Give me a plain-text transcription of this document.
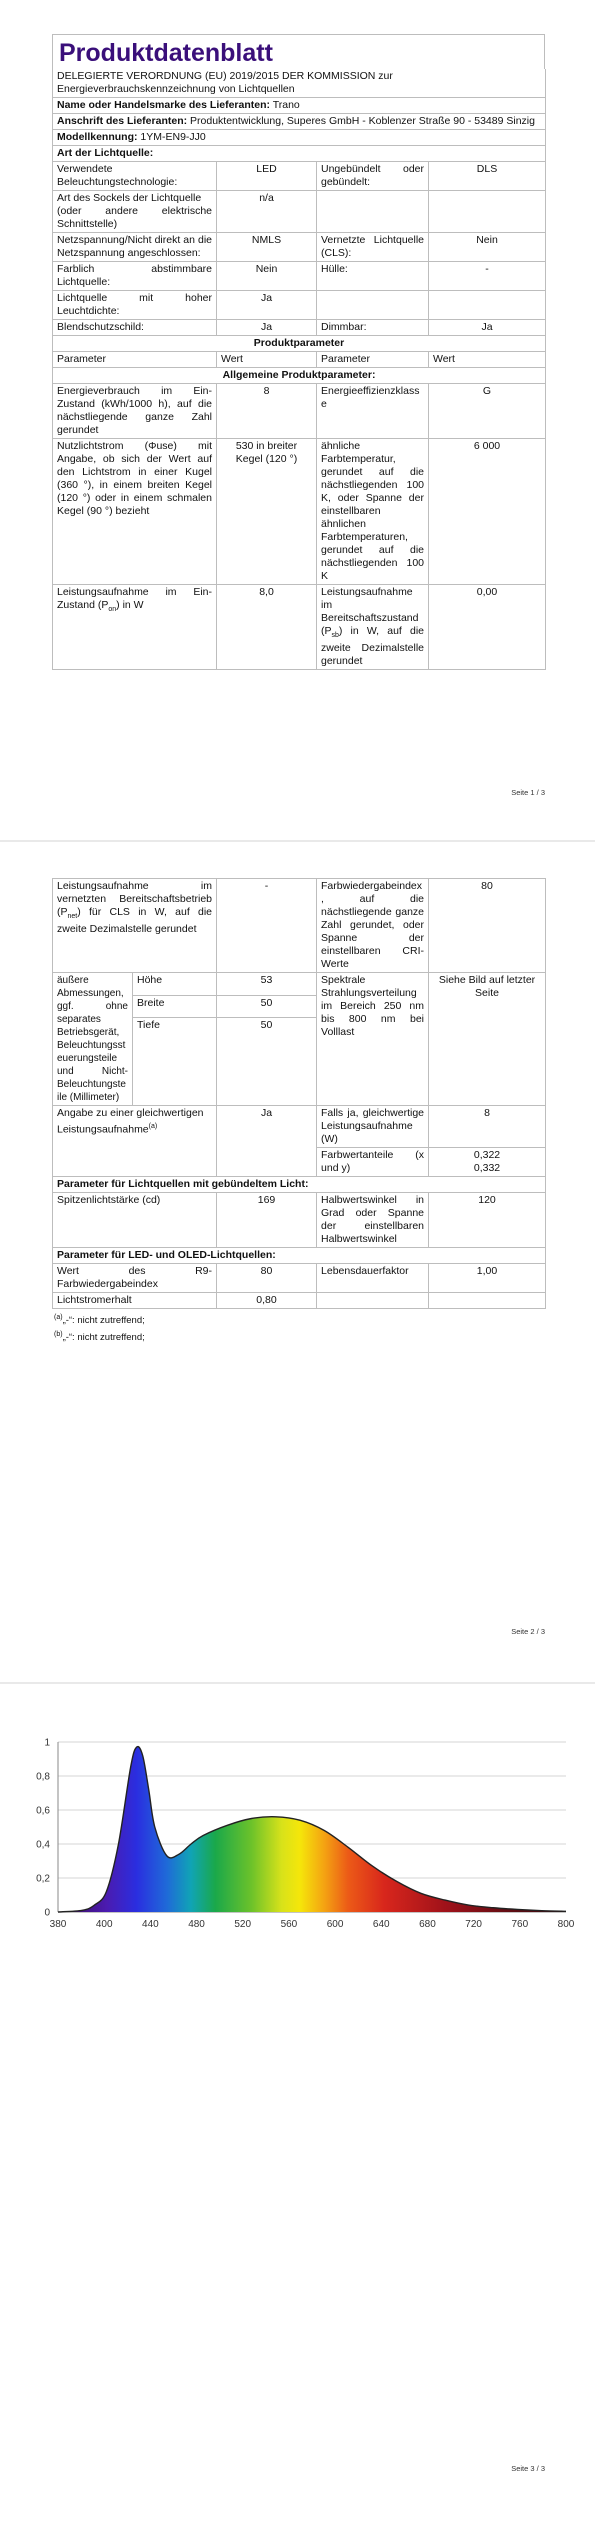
Produktdatenblatt
DELEGIERTE VERORDNUNG (EU) 2019/2015 DER KOMMISSION zur Energieverbrauchskennzeichnung von Lichtquellen			
Name oder Handelsmarke des Lieferanten: Trano			
Anschrift des Lieferanten: Produktentwicklung, Superes GmbH - Koblenzer Straße 90 - 53489 Sinzig			
Modellkennung: 1YM-EN9-JJ0			
Art der Lichtquelle:			
Verwendete Beleuchtungstechnologie:	LED	Ungebündelt oder gebündelt:	DLS
Art des Sockels der Lichtquelle
(oder andere elektrische Schnittstelle)	n/a		
Netzspannung/Nicht direkt an die Netzspannung angeschlossen:	NMLS	Vernetzte Lichtquelle (CLS):	Nein
Farblich abstimmbare Lichtquelle:	Nein	Hülle:	-
Lichtquelle mit hoher Leuchtdichte:	Ja		
Blendschutzschild:	Ja	Dimmbar:	Ja
Produktparameter			
Parameter	Wert	Parameter	Wert
Allgemeine Produktparameter:			
Energieverbrauch im Ein-Zustand (kWh/1000 h), auf die nächstliegende ganze Zahl gerundet	8	Energieeffizienzklasse	G
Nutzlichtstrom (Φuse) mit Angabe, ob sich der Wert auf den Lichtstrom in einer Kugel (360 °), in einem breiten Kegel (120 °) oder in einem schmalen Kegel (90 °) bezieht	530 in breiter Kegel (120 °)	ähnliche Farbtemperatur, gerundet auf die nächstliegenden 100 K, oder Spanne der einstellbaren ähnlichen Farbtemperaturen, gerundet auf die nächstliegenden 100 K	6 000
Leistungsaufnahme im Ein-Zustand $(P_{on})$ in W	8,0	Leistungsaufnahme im Bereitschaftszustand $(P_{sb})$ in W, auf die zweite Dezimalstelle gerundet	0,00
Seite 1 / 3
Leistungsaufnahme im vernetzten Bereitschaftsbetrieb $(P_{net})$ für CLS in W, auf die zweite Dezimalstelle gerundet		-	Farbwiedergabeindex, auf die nächstliegende ganze Zahl gerundet, oder Spanne der einstellbaren CRI-Werte	80
äußere Abmessungen, ggf. ohne separates Betriebsgerät, Beleuchtungssteuerungsteile und Nicht-Beleuchtungsteile (Millimeter)	Höhe	53	Spektrale Strahlungsverteilung im Bereich 250 nm bis 800 nm bei Volllast	Siehe Bild auf letzter Seite
	Breite	50		
	Tiefe	50		
Angabe zu einer gleichwertigen Leistungsaufnahme$^{(a)}$		Ja	Falls ja, gleichwertige Leistungsaufnahme (W)	8
			Farbwertanteile (x und y)	0,322
0,332
Parameter für Lichtquellen mit gebündeltem Licht:				
Spitzenlichtstärke (cd)		169	Halbwertswinkel in Grad oder Spanne der einstellbaren Halbwertswinkel	120
Parameter für LED- und OLED-Lichtquellen:				
Wert des R9-Farbwiedergabeindex		80	Lebensdauerfaktor	1,00
Lichtstromerhalt		0,80		
$^{(a)}$„-“: nicht zutreffend;
$^{(b)}$„-“: nicht zutreffend;
Seite 2 / 3
0
0,2
0,4
0,6
0,8
1
380	400	440	480	520	560	600	640	680	720	760	800
Seite 3 / 3
